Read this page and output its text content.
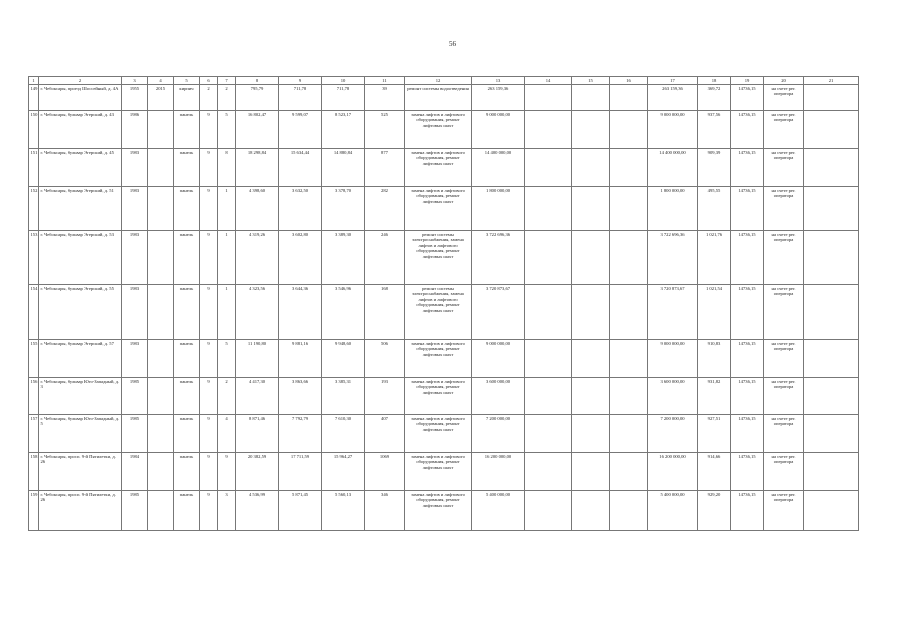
56
1	2	3	4	5	6	7	8	9	10	11	12	13	14	15	16	17	18	19	20	21
149	г. Чебоксары, проезд Шоссейный, д. 4А	1955	2015	кирпич	2	2	795,79	711,78	711,78	39	ремонт системы водоотведения	263 159,36				263 159,36	369,72	14736,15	на счете рег. оператора	
150	г. Чебоксары, бульвар Эгерский, д. 43	1986		панель	9	5	16 802,47	9 599,07	8 523,17	525	замена лифтов и лифтового оборудования, ремонт лифтовых шахт	9 000 000,00				9 000 000,00	937,56	14736,15	на счете рег. оператора	
151	г. Чебоксары, бульвар Эгерский, д. 45	1983		панель	9	8	18 298,84	15 634,44	14 880,84	877	замена лифтов и лифтового оборудования, ремонт лифтовых шахт	14 400 000,00				14 400 000,00	909,39	14736,15	на счете рег. оператора	
152	г. Чебоксары, бульвар Эгерский, д. 51	1983		панель	9	1	4 398,60	3 632,50	3 378,70	282	замена лифтов и лифтового оборудования, ремонт лифтовых шахт	1 800 000,00				1 800 000,00	495,55	14736,15	на счете рег. оператора	
153	г. Чебоксары, бульвар Эгерский, д. 53	1983		панель	9	1	4 319,26	3 602,80	3 389,30	246	ремонт системы электроснабжения, замена лифтов и лифтового оборудования, ремонт лифтовых шахт	3 722 696,36				3 722 696,36	1 021,76	14736,15	на счете рег. оператора	
154	г. Чебоксары, бульвар Эгерский, д. 55	1983		панель	9	1	4 323,56	3 644,36	3 546,96	168	ремонт системы электроснабжения, замена лифтов и лифтового оборудования, ремонт лифтовых шахт	3 720 873,67				3 720 873,67	1 021,54	14736,15	на счете рег. оператора	
155	г. Чебоксары, бульвар Эгерский, д. 57	1983		панель	9	5	11 190,80	9 881,16	9 948,60	506	замена лифтов и лифтового оборудования, ремонт лифтовых шахт	9 000 000,00				9 000 000,00	910,83	14736,15	на счете рег. оператора	
156	г. Чебоксары, бульвар Юго-Западный, д. 3	1985		панель	9	2	4 417,30	3 863,66	3 385,31	193	замена лифтов и лифтового оборудования, ремонт лифтовых шахт	3 600 000,00				3 600 000,00	931,82	14736,15	на счете рег. оператора	
157	г. Чебоксары, бульвар Юго-Западный, д. 5	1985		панель	9	4	8 871,46	7 792,79	7 610,30	407	замена лифтов и лифтового оборудования, ремонт лифтовых шахт	7 200 000,00				7 200 000,00	927,51	14736,15	на счете рег. оператора	
158	г. Чебоксары, просп. 9-й Пятилетки, д. 26	1984		панель	9	9	20 382,59	17 711,59	15 964,27	1069	замена лифтов и лифтового оборудования, ремонт лифтовых шахт	16 200 000,00				16 200 000,00	914,66	14736,15	на счете рег. оператора	
159	г. Чебоксары, просп. 9-й Пятилетки, д. 26	1985		панель	9	3	4 536,99	5 871,45	5 560,13	346	замена лифтов и лифтового оборудования, ремонт лифтовых шахт	5 400 000,00				5 400 000,00	929,20	14736,15	на счете рег. оператора	
